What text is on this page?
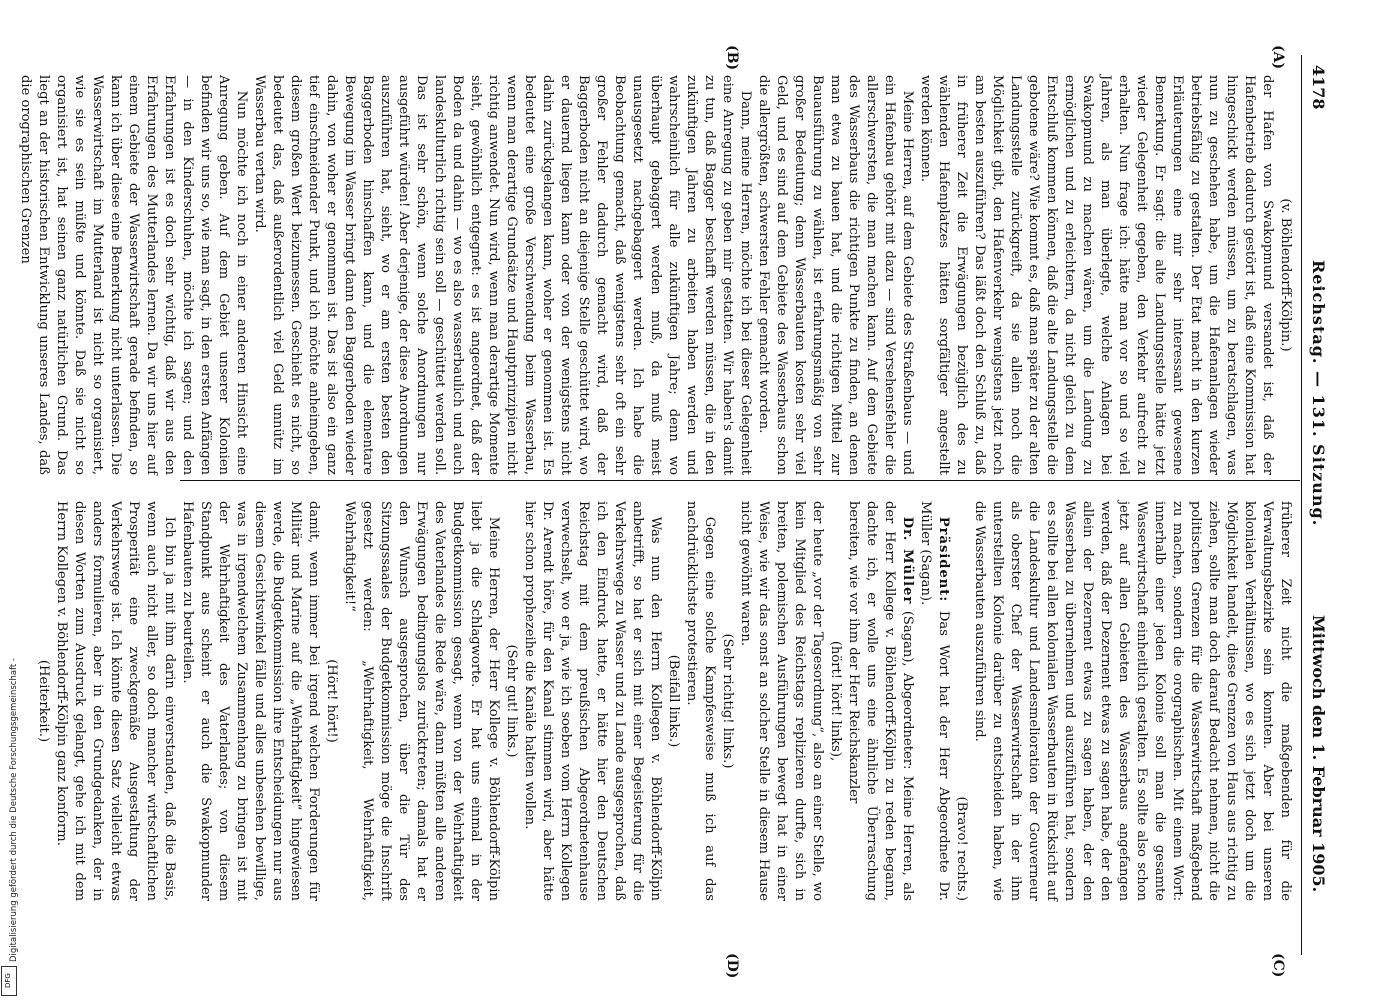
Digitalisierung gefördert durch die Deutsche Forschungsgemeinschaft -
DFG
4178
Reichstag. — 131. Sitzung.
Mittwoch den 1. Februar 1905.
(A)
(B)
(C)
(D)

(v. Böhlendorff-Kölpin.)

der Hafen von Swakopmund versandet ist, daß der Hafenbetrieb dadurch gestört ist, daß eine Kommission hat hingeschickt werden müssen, um zu beratschlagen, was nun zu geschehen habe, um die Hafenanlagen wieder betriebsfähig zu gestalten. Der Etat macht in den kurzen Erläuterungen eine mir sehr interessant gewesene Bemerkung. Er sagt: die alte Landungsstelle hätte jetzt wieder Gelegenheit gegeben, den Verkehr aufrecht zu erhalten. Nun frage ich: hätte man vor so und so viel Jahren, als man überlegte, welche Anlagen bei Swakopmund zu machen wären, um die Landung zu ermöglichen und zu erleichtern, da nicht gleich zu dem Entschluß kommen können, daß die alte Landungsstelle die gebotene wäre? Wie kommt es, daß man später zu der alten Landungsstelle zurückgreift, da sie allein noch die Möglichkeit gibt, den Hafenverkehr wenigstens jetzt noch am besten auszuführen? Das läßt doch den Schluß zu, daß in früherer Zeit die Erwägungen bezüglich des zu wählenden Hafenplatzes hätten sorgfältiger angestellt werden können.

Meine Herren, auf dem Gebiete des Straßenbaus — und ein Hafenbau gehört mit dazu — sind Versehensfehler die allerschwersten, die man machen kann. Auf dem Gebiete des Wasserbaus die richtigen Punkte zu finden, an denen man etwa zu bauen hat, und die richtigen Mittel zur Bauausführung zu wählen, ist erfahrungsmäßig von sehr großer Bedeutung; denn Wasserbauten kosten sehr viel Geld, und es sind auf dem Gebiete des Wasserbaus schon die allergrößten, schwersten Fehler gemacht worden.

Dann, meine Herren, möchte ich bei dieser Gelegenheit eine Anregung zu geben mir gestatten. Wir haben's damit zu tun, daß Bagger beschafft werden müssen, die in den zukünftigen Jahren zu arbeiten haben werden und wahrscheinlich für alle zukünftigen Jahre; denn wo überhaupt gebaggert werden muß, da muß meist unausgesetzt nachgebaggert werden. Ich habe die Beobachtung gemacht, daß wenigstens sehr oft ein sehr großer Fehler dadurch gemacht wird, daß der Baggerboden nicht an diejenige Stelle geschüttet wird, wo er dauernd liegen kann oder von der wenigstens nicht dahin zurückgelangen kann, woher er genommen ist. Es bedeutet eine große Verschwendung beim Wasserbau, wenn man derartige Grundsätze und Hauptprinzipien nicht richtig anwendet. Nun wird, wenn man derartige Momente sieht, gewöhnlich entgegnet: es ist angeordnet, daß der Boden da und dahin — wo es also wasserbaulich und auch landeskulturlich richtig sein soll — geschüttet werden soll. Das ist sehr schön, wenn solche Anordnungen nur ausgeführt würden! Aber derjenige, der diese Anordnungen auszuführen hat, sieht, wo er am ersten besten den Baggerboden hinschaffen kann, und die elementare Bewegung im Wasser bringt dann den Baggerboden wieder dahin, von woher er genommen ist. Das ist also ein ganz tief einschneidender Punkt, und ich möchte anheimgeben, diesem großen Wert beizumessen. Geschieht es nicht, so bedeutet das, daß außerordentlich viel Geld unnütz im Wasserbau vertan wird.

Nun möchte ich noch in einer anderen Hinsicht eine Anregung geben. Auf dem Gebiet unserer Kolonien befinden wir uns so, wie man sagt, in den ersten Anfängen — in den Kinderschuhen, möchte ich sagen; und den Erfahrungen ist es doch sehr wichtig, daß wir aus den Erfahrungen des Mutterlandes lernen. Da wir uns hier auf einem Gebiete der Wasserwirtschaft gerade befinden, so kann ich über diese eine Bemerkung nicht unterlassen. Die Wasserwirtschaft im Mutterland ist nicht so organisiert, wie sie es sein müßte und könnte. Daß sie nicht so organisiert ist, hat seinen ganz natürlichen Grund. Das liegt an der historischen Entwicklung unseres Landes, daß die orographischen Grenzen

früherer Zeit nicht die maßgebenden für die Verwaltungsbezirke sein konnten. Aber bei unseren kolonialen Verhältnissen, wo es sich jetzt doch um die Möglichkeit handelt, diese Grenzen von Haus aus richtig zu ziehen, sollte man doch darauf Bedacht nehmen, nicht die politischen Grenzen für die Wasserwirtschaft maßgebend zu machen, sondern die orographischen. Mit einem Wort: innerhalb einer jeden Kolonie soll man die gesamte Wasserwirtschaft einheitlich gestalten. Es sollte also schon jetzt auf allen Gebieten des Wasserbaus angefangen werden, daß der Dezernent etwas zu sagen habe, der den allein der Dezernent etwas zu sagen haben, der den Wasserbau zu übernehmen und auszuführen hat, sondern es sollte bei allen kolonialen Wasserbauten in Rücksicht auf die Landeskultur und Landesmelioration der Gouverneur als oberster Chef der Wasserwirtschaft in der ihm unterstellten Kolonie darüber zu entscheiden haben, wie die Wasserbauten auszuführen sind.

(Bravo! rechts.)

Präsident: Das Wort hat der Herr Abgeordnete Dr. Müller (Sagan).

Dr. Müller (Sagan), Abgeordneter: Meine Herren, als der Herr Kollege v. Böhlendorff-Kölpin zu reden begann, dachte ich, er wolle uns eine ähnliche Überraschung bereiten, wie vor ihm der Herr Reichskanzler

(hört! hört! links),

der heute „vor der Tagesordnung“, also an einer Stelle, wo kein Mitglied des Reichstags replizieren durfte, sich in breiten, polemischen Ausführungen bewegt hat in einer Weise, wie wir das sonst an solcher Stelle in diesem Hause nicht gewöhnt waren.

(Sehr richtig! links.)

Gegen eine solche Kampfesweise muß ich auf das nachdrücklichste protestieren.

(Beifall links.)

Was nun den Herrn Kollegen v. Böhlendorff-Kölpin anbetrifft, so hat er sich mit einer Begeisterung für die Verkehrswege zu Wasser und zu Lande ausgesprochen, daß ich den Eindruck hatte, er hätte hier den Deutschen Reichstag mit dem preußischen Abgeordnetenhause verwechselt, wo er ja, wie ich soeben vom Herrn Kollegen Dr. Arendt höre, für den Kanal stimmen wird, aber hätte hier schon prophezeihe die Kanäle halten wollen.

(Sehr gut! links.)

Meine Herren, der Herr Kollege v. Böhlendorff-Kölpin liebt ja die Schlagworte. Er hat uns einmal in der Budgetkommission gesagt, wenn von der Wehrhaftigkeit des Vaterlandes die Rede wäre, dann müßten alle anderen Erwägungen bedingungslos zurücktreten; damals hat er den Wunsch ausgesprochen, über die Tür des Sitzungssaales der Budgetkommission möge die Inschrift gesetzt werden: „Wehrhaftigkeit, Wehrhaftigkeit, Wehrhaftigkeit!“

(Hört! hört!)

damit, wenn immer bei irgend welchen Forderungen für Militär und Marine auf die „Wehrhaftigkeit“ hingewiesen werde, die Budgetkommission ihre Entscheidungen nur aus diesem Gesichtswinkel fälle und alles unbesehen bewillige, was in irgendwelchem Zusammenhang zu bringen ist mit der Wehrhaftigkeit des Vaterlandes; von diesem Standpunkt aus scheint er auch die Swakopmunder Hafenbauten zu beurteilen.

Ich bin ja mit ihm darin einverstanden, daß die Basis, wenn auch nicht aller, so doch mancher wirtschaftlichen Prosperität eine zweckgemäße Ausgestaltung der Verkehrswege ist. Ich könnte diesen Satz vielleicht etwas anders formulieren, aber in den Grundgedanken, der in diesen Worten zum Ausdruck gelangt, gehe ich mit dem Herrn Kollegen v. Böhlendorff-Kölpin ganz konform.

(Heiterkeit.)
